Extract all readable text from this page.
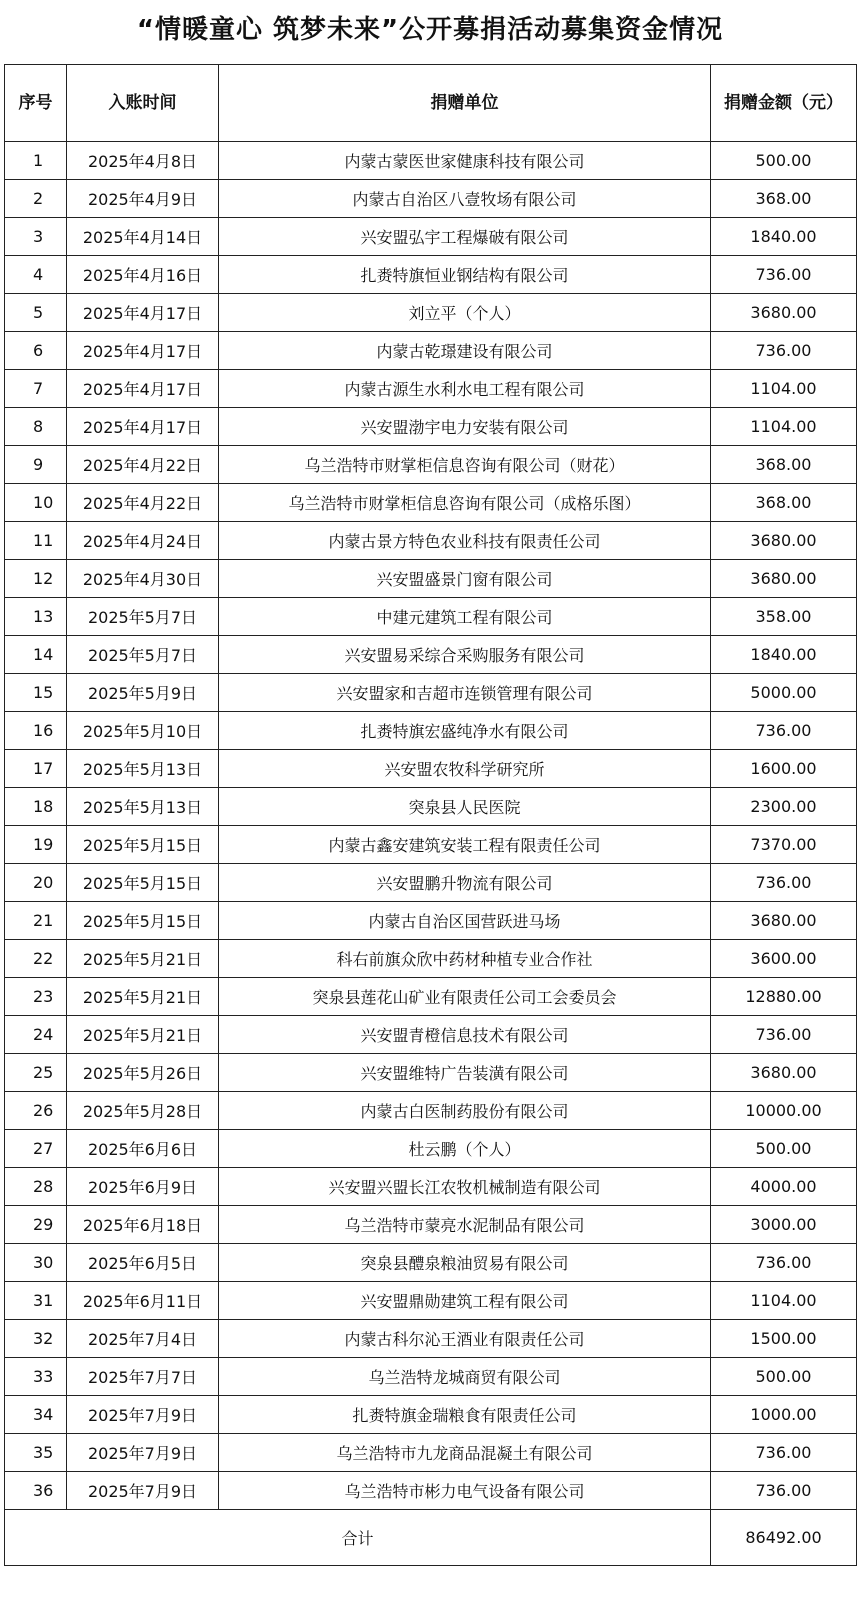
“情暖童心 筑梦未来”公开募捐活动募集资金情况
序号	入账时间	捐赠单位	捐赠金额（元）
1	2025年4月8日	内蒙古蒙医世家健康科技有限公司	500.00
2	2025年4月9日	内蒙古自治区八壹牧场有限公司	368.00
3	2025年4月14日	兴安盟弘宇工程爆破有限公司	1840.00
4	2025年4月16日	扎赉特旗恒业钢结构有限公司	736.00
5	2025年4月17日	刘立平（个人）	3680.00
6	2025年4月17日	内蒙古乾璟建设有限公司	736.00
7	2025年4月17日	内蒙古源生水利水电工程有限公司	1104.00
8	2025年4月17日	兴安盟渤宇电力安装有限公司	1104.00
9	2025年4月22日	乌兰浩特市财掌柜信息咨询有限公司（财花）	368.00
10	2025年4月22日	乌兰浩特市财掌柜信息咨询有限公司（成格乐图）	368.00
11	2025年4月24日	内蒙古景方特色农业科技有限责任公司	3680.00
12	2025年4月30日	兴安盟盛景门窗有限公司	3680.00
13	2025年5月7日	中建元建筑工程有限公司	358.00
14	2025年5月7日	兴安盟易采综合采购服务有限公司	1840.00
15	2025年5月9日	兴安盟家和吉超市连锁管理有限公司	5000.00
16	2025年5月10日	扎赉特旗宏盛纯净水有限公司	736.00
17	2025年5月13日	兴安盟农牧科学研究所	1600.00
18	2025年5月13日	突泉县人民医院	2300.00
19	2025年5月15日	内蒙古鑫安建筑安装工程有限责任公司	7370.00
20	2025年5月15日	兴安盟鹏升物流有限公司	736.00
21	2025年5月15日	内蒙古自治区国营跃进马场	3680.00
22	2025年5月21日	科右前旗众欣中药材种植专业合作社	3600.00
23	2025年5月21日	突泉县莲花山矿业有限责任公司工会委员会	12880.00
24	2025年5月21日	兴安盟青橙信息技术有限公司	736.00
25	2025年5月26日	兴安盟维特广告装潢有限公司	3680.00
26	2025年5月28日	内蒙古白医制药股份有限公司	10000.00
27	2025年6月6日	杜云鹏（个人）	500.00
28	2025年6月9日	兴安盟兴盟长江农牧机械制造有限公司	4000.00
29	2025年6月18日	乌兰浩特市蒙亮水泥制品有限公司	3000.00
30	2025年6月5日	突泉县醴泉粮油贸易有限公司	736.00
31	2025年6月11日	兴安盟鼎勋建筑工程有限公司	1104.00
32	2025年7月4日	内蒙古科尔沁王酒业有限责任公司	1500.00
33	2025年7月7日	乌兰浩特龙城商贸有限公司	500.00
34	2025年7月9日	扎赉特旗金瑞粮食有限责任公司	1000.00
35	2025年7月9日	乌兰浩特市九龙商品混凝土有限公司	736.00
36	2025年7月9日	乌兰浩特市彬力电气设备有限公司	736.00
合计			86492.00
